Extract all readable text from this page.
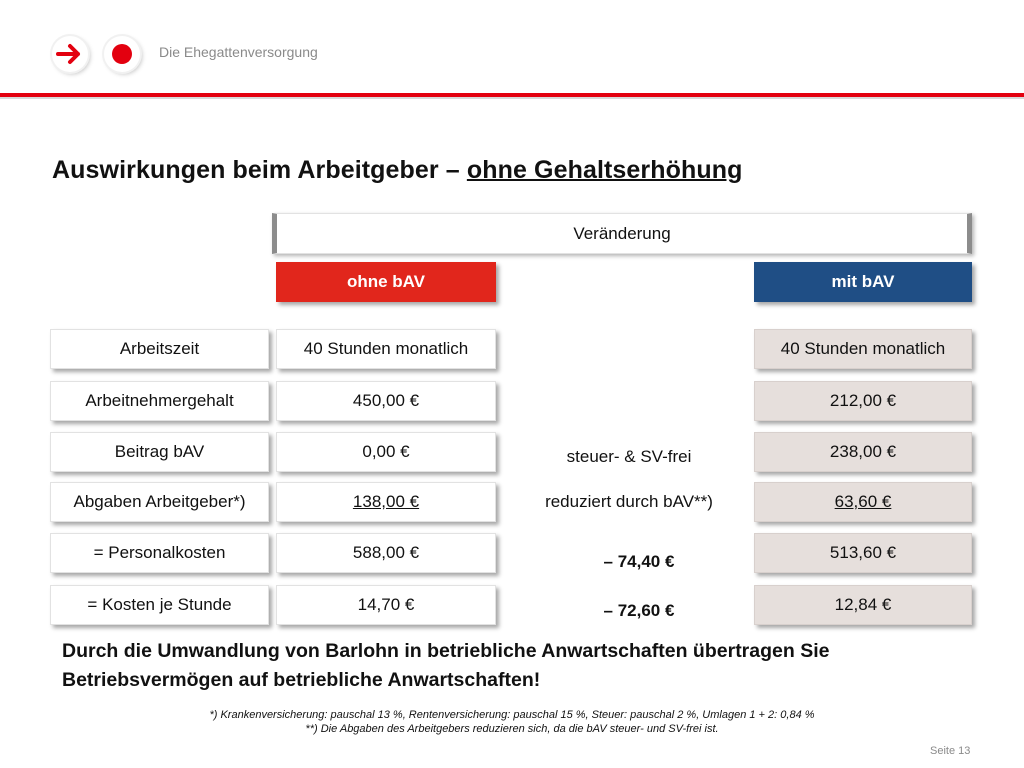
Die Ehegattenversorgung
Auswirkungen beim Arbeitgeber – ohne Gehaltserhöhung
Veränderung
ohne bAV	mit bAV
Arbeitszeit
Arbeitnehmergehalt
Beitrag bAV
Abgaben Arbeitgeber*)
= Personalkosten
= Kosten je Stunde
40 Stunden monatlich
450,00 €
0,00 €
138,00 €
588,00 €
14,70 €
steuer- & SV-frei
reduziert durch bAV**)
– 74,40 €
– 72,60 €
40 Stunden monatlich
212,00 €
238,00 €
63,60 €
513,60 €
12,84 €
Durch die Umwandlung von Barlohn in betriebliche Anwartschaften übertragen Sie
Betriebsvermögen auf betriebliche Anwartschaften!
*) Krankenversicherung: pauschal 13 %, Rentenversicherung: pauschal 15 %, Steuer: pauschal 2 %, Umlagen 1 + 2: 0,84 %
**) Die Abgaben des Arbeitgebers reduzieren sich, da die bAV steuer- und SV-frei ist.
Seite 13
